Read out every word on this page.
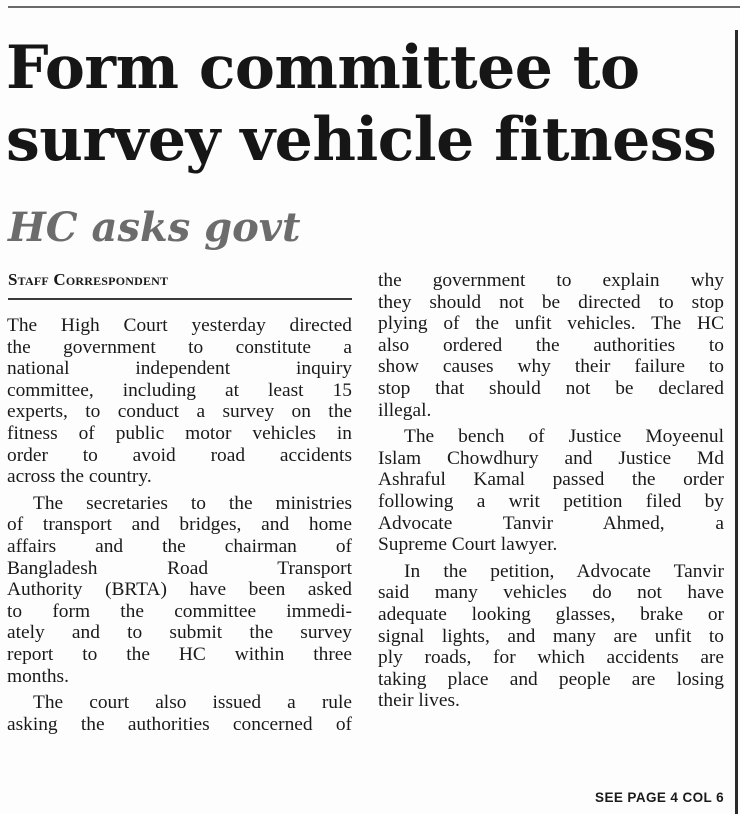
Form committee to
survey vehicle fitness
HC asks govt
Staff Correspondent

The High Court yesterday directed
the government to constitute a
national independent inquiry
committee, including at least 15
experts, to conduct a survey on the
fitness of public motor vehicles in
order to avoid road accidents
across the country.

The secretaries to the ministries
of transport and bridges, and home
affairs and the chairman of
Bangladesh Road Transport
Authority (BRTA) have been asked
to form the committee immedi-
ately and to submit the survey
report to the HC within three
months.

The court also issued a rule
asking the authorities concerned of

the government to explain why
they should not be directed to stop
plying of the unfit vehicles. The HC
also ordered the authorities to
show causes why their failure to
stop that should not be declared
illegal.

The bench of Justice Moyeenul
Islam Chowdhury and Justice Md
Ashraful Kamal passed the order
following a writ petition filed by
Advocate Tanvir Ahmed, a
Supreme Court lawyer.

In the petition, Advocate Tanvir
said many vehicles do not have
adequate looking glasses, brake or
signal lights, and many are unfit to
ply roads, for which accidents are
taking place and people are losing
their lives.

SEE PAGE 4 COL 6
